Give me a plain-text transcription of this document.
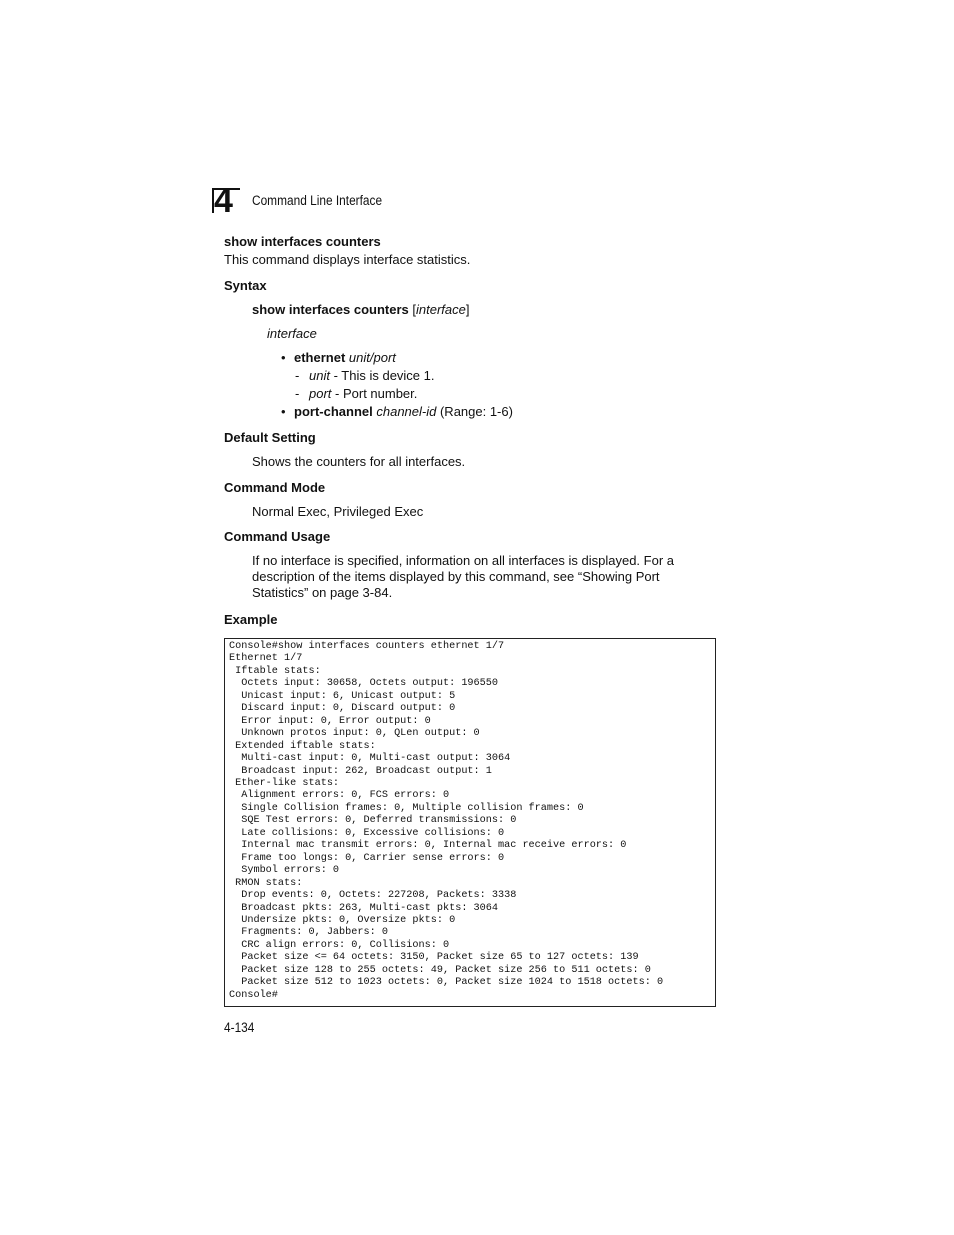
4 Command Line Interface
show interfaces counters
This command displays interface statistics.
Syntax
show interfaces counters [interface]
interface
• ethernet unit/port
- unit - This is device 1.
- port - Port number.
• port-channel channel-id (Range: 1-6)
Default Setting
Shows the counters for all interfaces.
Command Mode
Normal Exec, Privileged Exec
Command Usage
If no interface is specified, information on all interfaces is displayed. For a description of the items displayed by this command, see “Showing Port Statistics” on page 3-84.
Example
Console#show interfaces counters ethernet 1/7
Ethernet 1/7
Iftable stats:
Octets input: 30658, Octets output: 196550
Unicast input: 6, Unicast output: 5
Discard input: 0, Discard output: 0
Error input: 0, Error output: 0
Unknown protos input: 0, QLen output: 0
Extended iftable stats:
Multi-cast input: 0, Multi-cast output: 3064
Broadcast input: 262, Broadcast output: 1
Ether-like stats:
Alignment errors: 0, FCS errors: 0
Single Collision frames: 0, Multiple collision frames: 0
SQE Test errors: 0, Deferred transmissions: 0
Late collisions: 0, Excessive collisions: 0
Internal mac transmit errors: 0, Internal mac receive errors: 0
Frame too longs: 0, Carrier sense errors: 0
Symbol errors: 0
RMON stats:
Drop events: 0, Octets: 227208, Packets: 3338
Broadcast pkts: 263, Multi-cast pkts: 3064
Undersize pkts: 0, Oversize pkts: 0
Fragments: 0, Jabbers: 0
CRC align errors: 0, Collisions: 0
Packet size <= 64 octets: 3150, Packet size 65 to 127 octets: 139
Packet size 128 to 255 octets: 49, Packet size 256 to 511 octets: 0
Packet size 512 to 1023 octets: 0, Packet size 1024 to 1518 octets: 0
Console#
4-134
